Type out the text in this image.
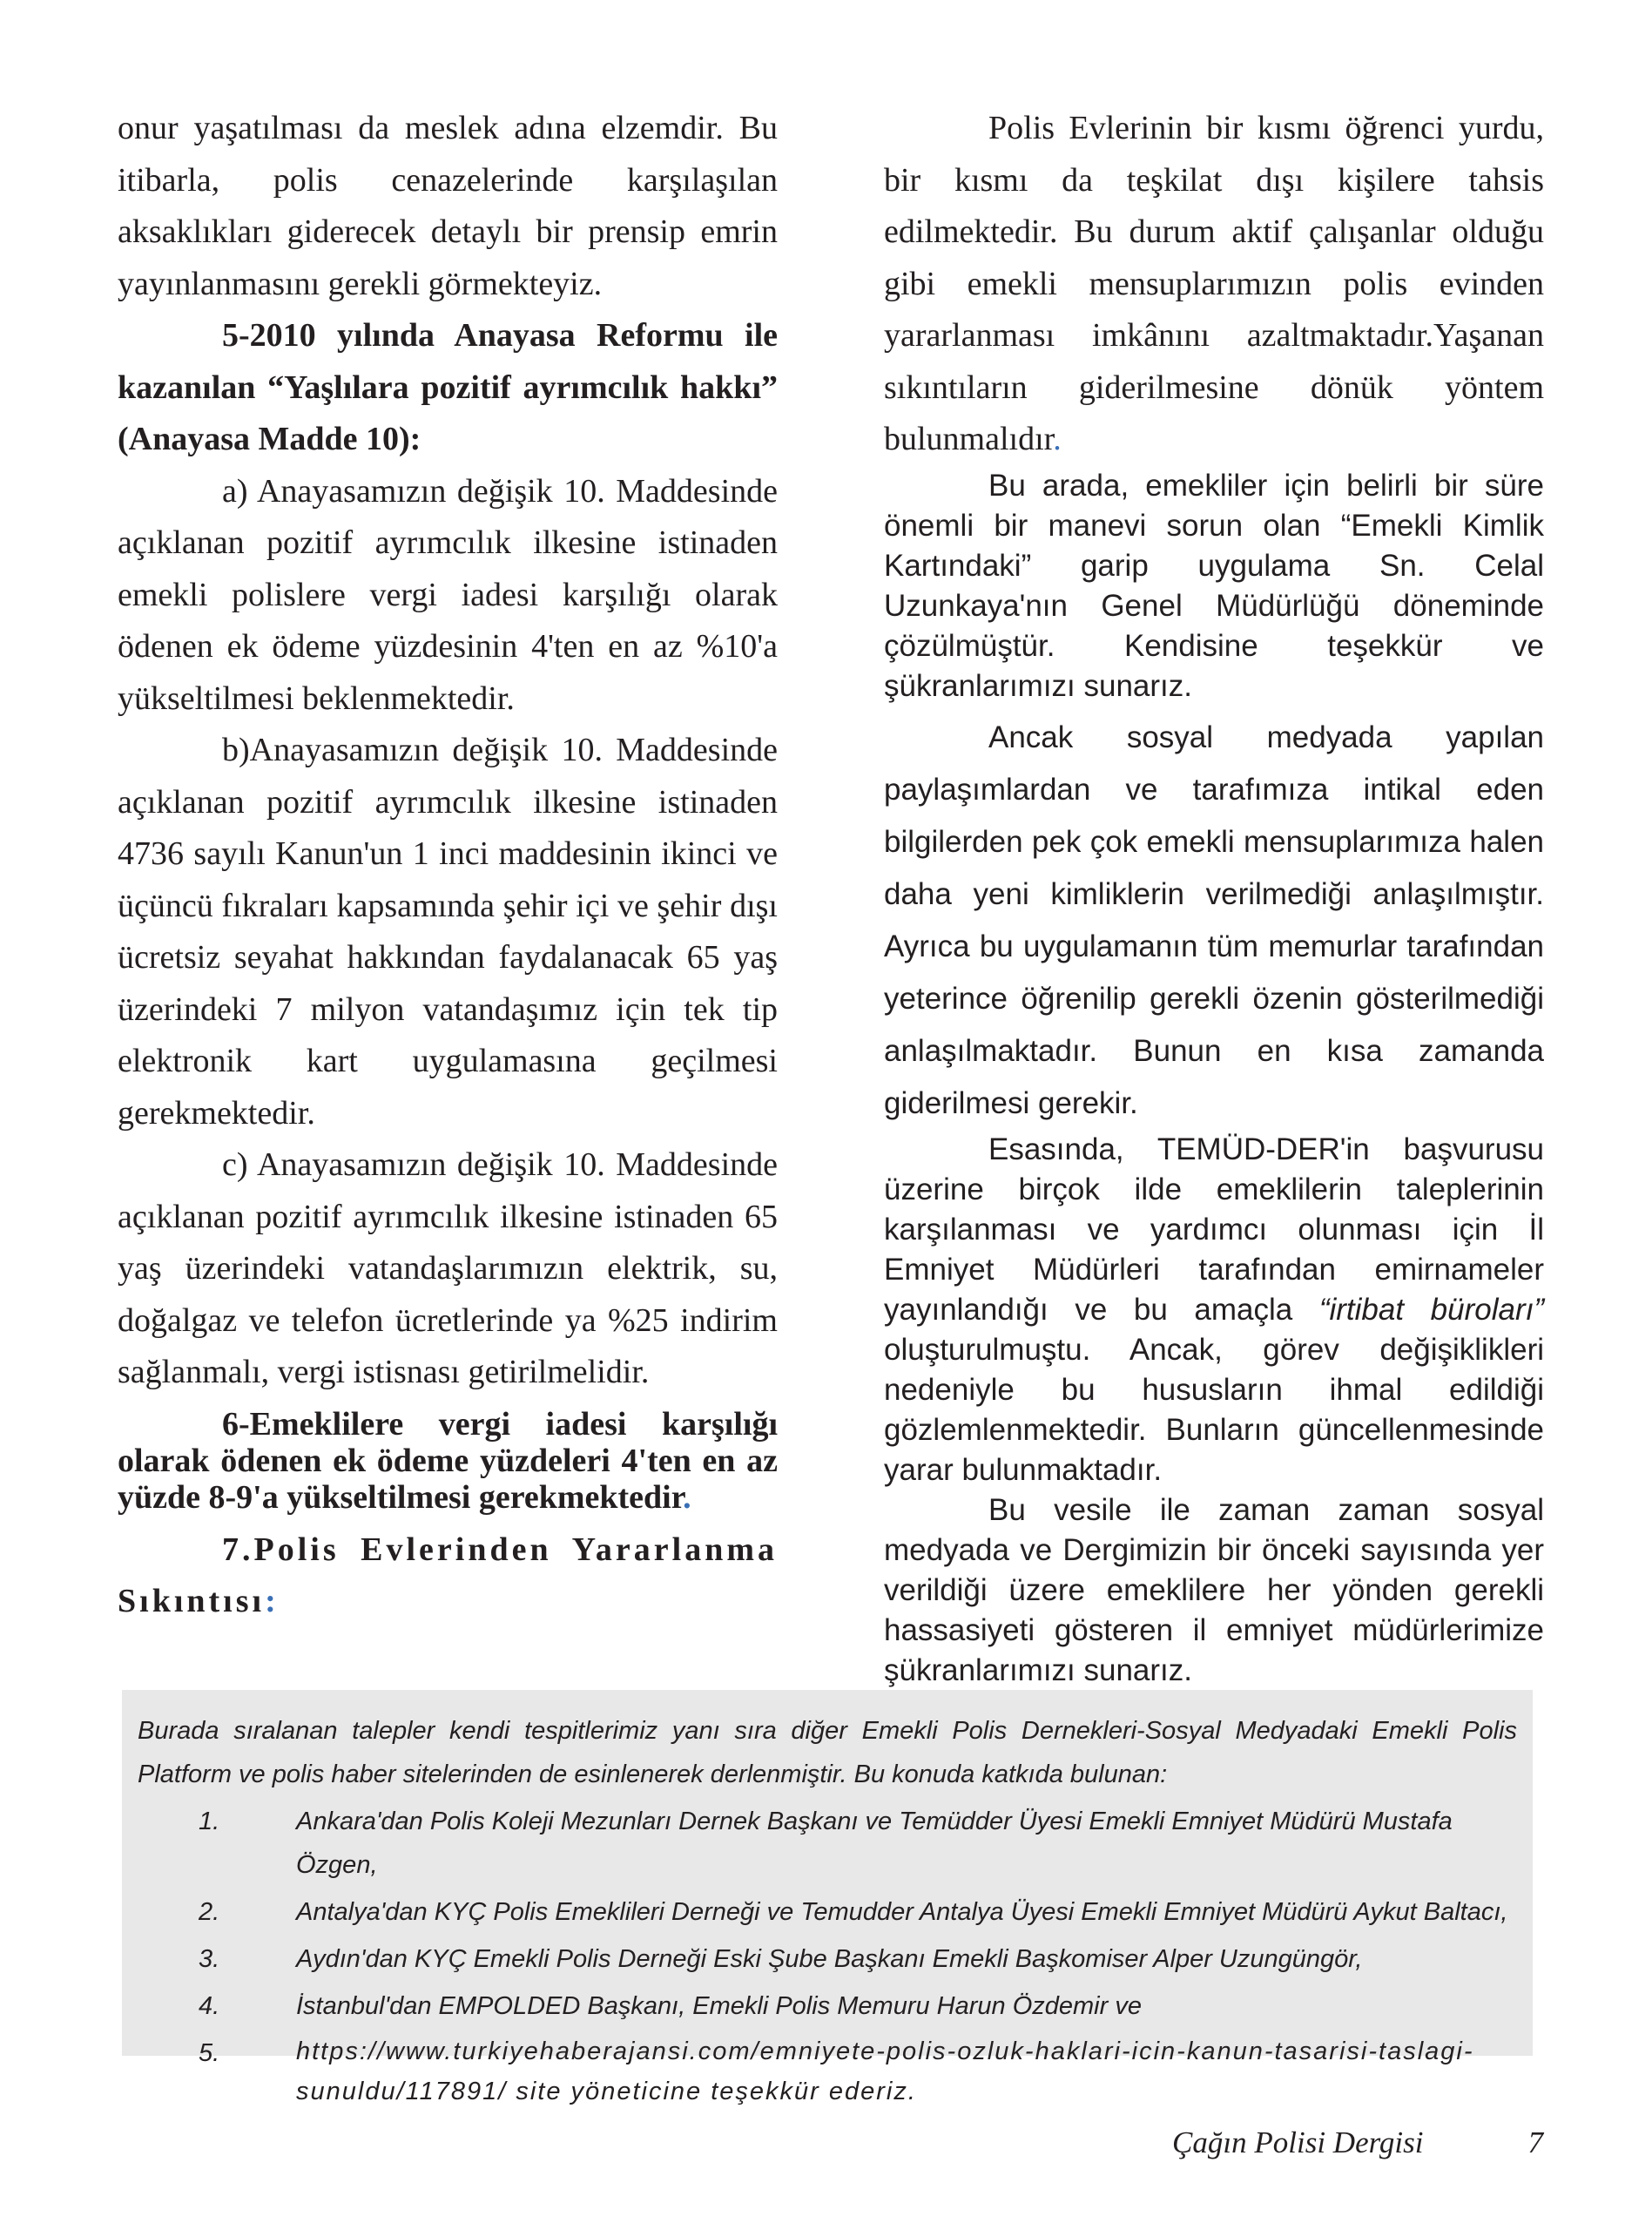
onur yaşatılması da meslek adına elzemdir. Bu itibarla, polis cenazelerinde karşılaşılan aksaklıkları giderecek detaylı bir prensip emrin yayınlanmasını gerekli görmekteyiz.

5-2010 yılında Anayasa Reformu ile kazanılan “Yaşlılara pozitif ayrımcılık hakkı” (Anayasa Madde 10):

a) Anayasamızın değişik 10. Maddesinde açıklanan pozitif ayrımcılık ilkesine istinaden emekli polislere vergi iadesi karşılığı olarak ödenen ek ödeme yüzdesinin 4'ten en az %10'a yükseltilmesi beklenmektedir.

b)Anayasamızın değişik 10. Maddesinde açıklanan pozitif ayrımcılık ilkesine istinaden 4736 sayılı Kanun'un 1 inci maddesinin ikinci ve üçüncü fıkraları kapsamında şehir içi ve şehir dışı ücretsiz seyahat hakkından faydalanacak 65 yaş üzerindeki 7 milyon vatandaşımız için tek tip elektronik kart uygulamasına geçilmesi gerekmektedir.

c) Anayasamızın değişik 10. Maddesinde açıklanan pozitif ayrımcılık ilkesine istinaden 65 yaş üzerindeki vatandaşlarımızın elektrik, su, doğalgaz ve telefon ücretlerinde ya %25 indirim sağlanmalı, vergi istisnası getirilmelidir.

6-Emeklilere vergi iadesi karşılığı olarak ödenen ek ödeme yüzdeleri 4'ten en az yüzde 8-9'a yükseltilmesi gerekmektedir.

7.Polis Evlerinden Yararlanma Sıkıntısı:

Polis Evlerinin bir kısmı öğrenci yurdu, bir kısmı da teşkilat dışı kişilere tahsis edilmektedir. Bu durum aktif çalışanlar olduğu gibi emekli mensuplarımızın polis evinden yararlanması imkânını azaltmaktadır.Yaşanan sıkıntıların giderilmesine dönük yöntem bulunmalıdır.

Bu arada, emekliler için belirli bir süre önemli bir manevi sorun olan “Emekli Kimlik Kartındaki” garip uygulama Sn. Celal Uzunkaya'nın Genel Müdürlüğü döneminde çözülmüştür. Kendisine teşekkür ve şükranlarımızı sunarız.

Ancak sosyal medyada yapılan paylaşımlardan ve tarafımıza intikal eden bilgilerden pek çok emekli mensuplarımıza halen daha yeni kimliklerin verilmediği anlaşılmıştır. Ayrıca bu uygulamanın tüm memurlar tarafından yeterince öğrenilip gerekli özenin gösterilmediği anlaşılmaktadır. Bunun en kısa zamanda giderilmesi gerekir.

Esasında, TEMÜD-DER'in başvurusu üzerine birçok ilde emeklilerin taleplerinin karşılanması ve yardımcı olunması için İl Emniyet Müdürleri tarafından emirnameler yayınlandığı ve bu amaçla “irtibat büroları” oluşturulmuştu. Ancak, görev değişiklikleri nedeniyle bu hususların ihmal edildiği gözlemlenmektedir. Bunların güncellenmesinde yarar bulunmaktadır.

Bu vesile ile zaman zaman sosyal medyada ve Dergimizin bir önceki sayısında yer verildiği üzere emeklilere her yönden gerekli hassasiyeti gösteren il emniyet müdürlerimize şükranlarımızı sunarız.

Burada sıralanan talepler kendi tespitlerimiz yanı sıra diğer Emekli Polis Dernekleri-Sosyal Medyadaki Emekli Polis Platform ve polis haber sitelerinden de esinlenerek derlenmiştir. Bu konuda katkıda bulunan:

1.	Ankara'dan Polis Koleji Mezunları Dernek Başkanı ve Temüdder Üyesi Emekli Emniyet Müdürü Mustafa Özgen,
2.	Antalya'dan KYÇ Polis Emeklileri Derneği ve Temudder Antalya Üyesi Emekli Emniyet Müdürü Aykut Baltacı,
3.	Aydın'dan KYÇ Emekli Polis Derneği Eski Şube Başkanı Emekli Başkomiser Alper Uzungüngör,
4.	İstanbul'dan EMPOLDED Başkanı, Emekli Polis Memuru Harun Özdemir ve
5.	https://www.turkiyehaberajansi.com/emniyete-polis-ozluk-haklari-icin-kanun-tasarisi-taslagi-sunuldu/117891/ site yöneticine teşekkür ederiz.
Çağın Polisi Dergisi	7
